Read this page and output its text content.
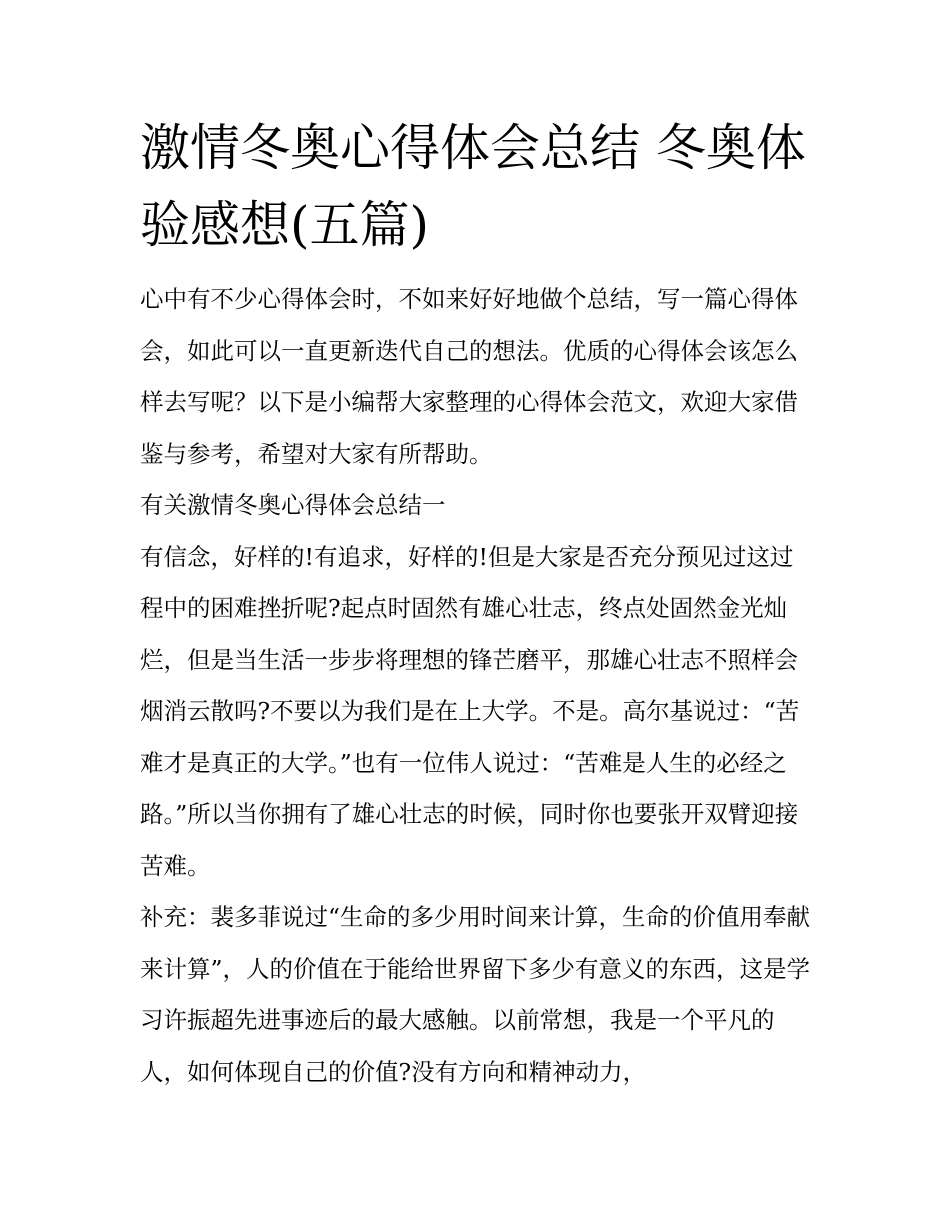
激情冬奥心得体会总结 冬奥体验感想(五篇)

心中有不少心得体会时，不如来好好地做个总结，写一篇心得体会，如此可以一直更新迭代自己的想法。优质的心得体会该怎么样去写呢？以下是小编帮大家整理的心得体会范文，欢迎大家借鉴与参考，希望对大家有所帮助。

有关激情冬奥心得体会总结一

有信念，好样的!有追求，好样的!但是大家是否充分预见过这过程中的困难挫折呢?起点时固然有雄心壮志，终点处固然金光灿烂，但是当生活一步步将理想的锋芒磨平，那雄心壮志不照样会烟消云散吗?不要以为我们是在上大学。不是。高尔基说过：“苦难才是真正的大学。”也有一位伟人说过：“苦难是人生的必经之路。”所以当你拥有了雄心壮志的时候，同时你也要张开双臂迎接苦难。

补充：裴多菲说过“生命的多少用时间来计算，生命的价值用奉献来计算”，人的价值在于能给世界留下多少有意义的东西，这是学习许振超先进事迹后的最大感触。以前常想，我是一个平凡的人，如何体现自己的价值?没有方向和精神动力，
